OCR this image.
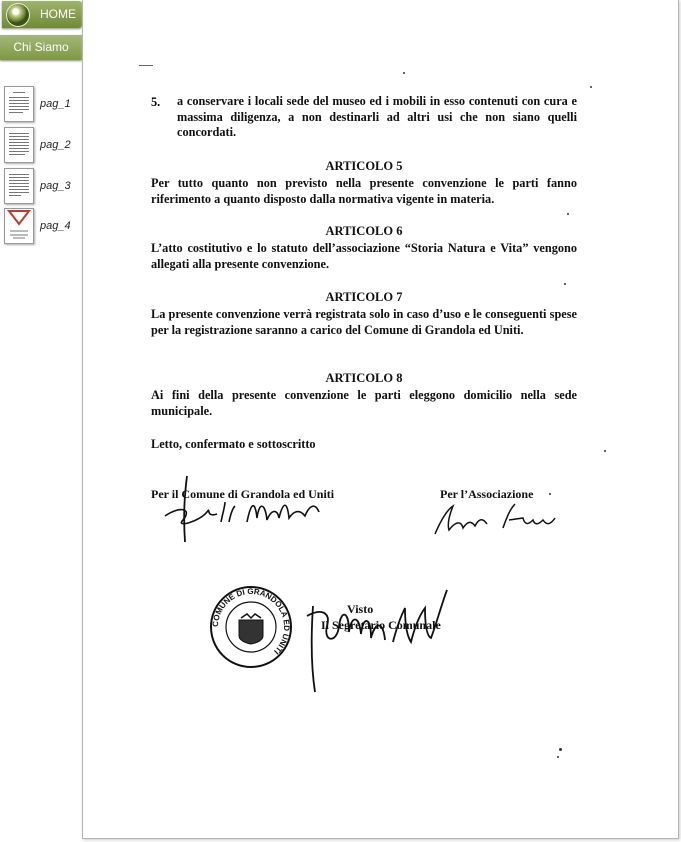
HOME
Chi Siamo
pag_1
pag_2
pag_3
pag_4
5. a conservare i locali sede del museo ed i mobili in esso contenuti con cura e massima diligenza, a non destinarli ad altri usi che non siano quelli concordati.
ARTICOLO 5
Per tutto quanto non previsto nella presente convenzione le parti fanno riferimento a quanto disposto dalla normativa vigente in materia.
ARTICOLO 6
L’atto costitutivo e lo statuto dell’associazione “Storia Natura e Vita” vengono allegati alla presente convenzione.
ARTICOLO 7
La presente convenzione verrà registrata solo in caso d’uso e le conseguenti spese per la registrazione saranno a carico del Comune di Grandola ed Uniti.
ARTICOLO 8
Ai fini della presente convenzione le parti eleggono domicilio nella sede municipale.
Letto, confermato e sottoscritto
Per il Comune di Grandola ed Uniti	Per l’Associazione
COMUNE DI GRANDOLA ED UNITI
Visto
Il Segretario Comunale
